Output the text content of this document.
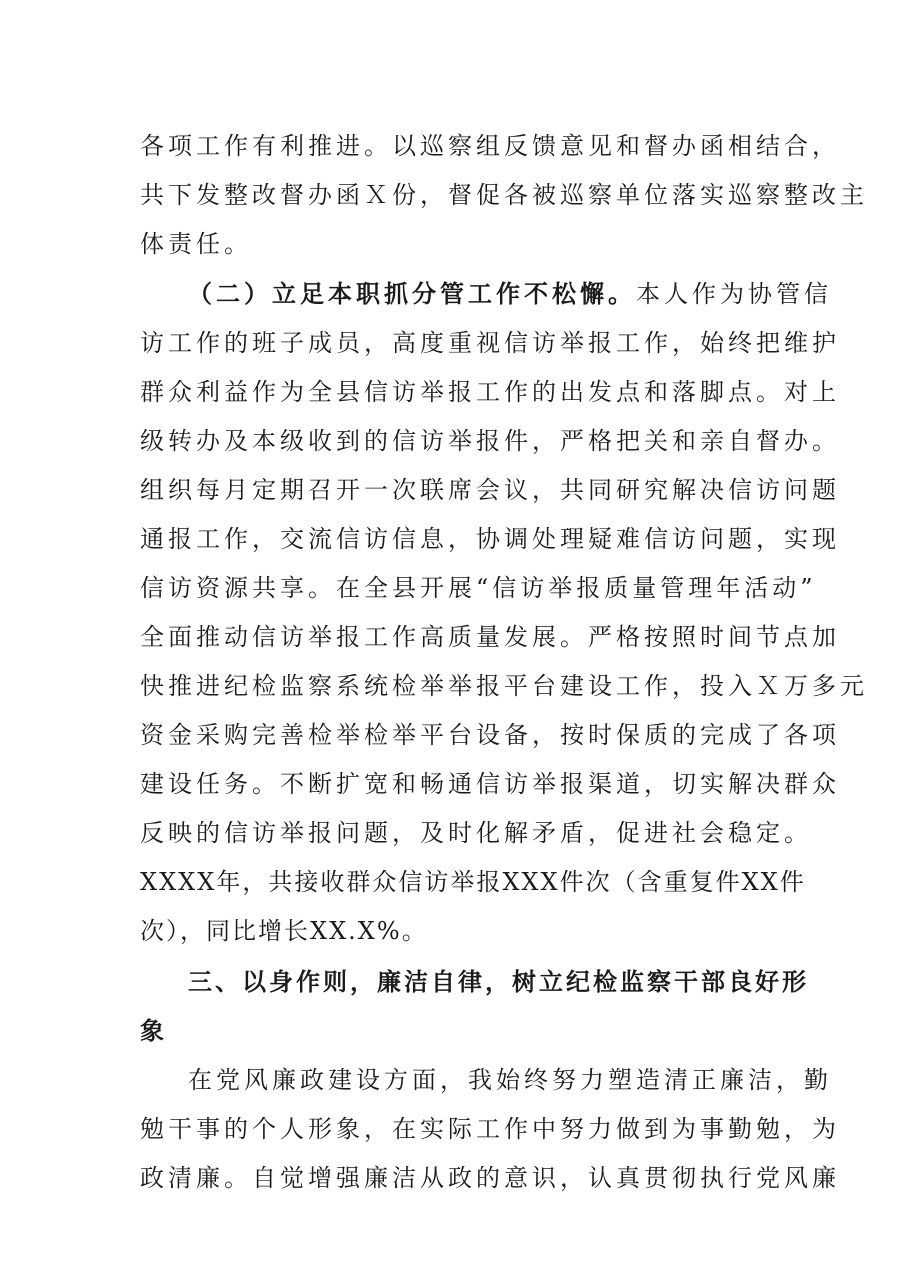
各项工作有利推进。以巡察组反馈意见和督办函相结合，
共下发整改督办函Ｘ份，督促各被巡察单位落实巡察整改主
体责任。
（二）立足本职抓分管工作不松懈。本人作为协管信
访工作的班子成员，高度重视信访举报工作，始终把维护
群众利益作为全县信访举报工作的出发点和落脚点。对上
级转办及本级收到的信访举报件，严格把关和亲自督办。
组织每月定期召开一次联席会议，共同研究解决信访问题
通报工作，交流信访信息，协调处理疑难信访问题，实现
信访资源共享。在全县开展“信访举报质量管理年活动”
全面推动信访举报工作高质量发展。严格按照时间节点加
快推进纪检监察系统检举举报平台建设工作，投入Ｘ万多元
资金采购完善检举检举平台设备，按时保质的完成了各项
建设任务。不断扩宽和畅通信访举报渠道，切实解决群众
反映的信访举报问题，及时化解矛盾，促进社会稳定。
XXXX年，共接收群众信访举报XXX件次（含重复件XX件
次），同比增长XX.X%。
三、以身作则，廉洁自律，树立纪检监察干部良好形
象
在党风廉政建设方面，我始终努力塑造清正廉洁，勤
勉干事的个人形象，在实际工作中努力做到为事勤勉，为
政清廉。自觉增强廉洁从政的意识，认真贯彻执行党风廉
